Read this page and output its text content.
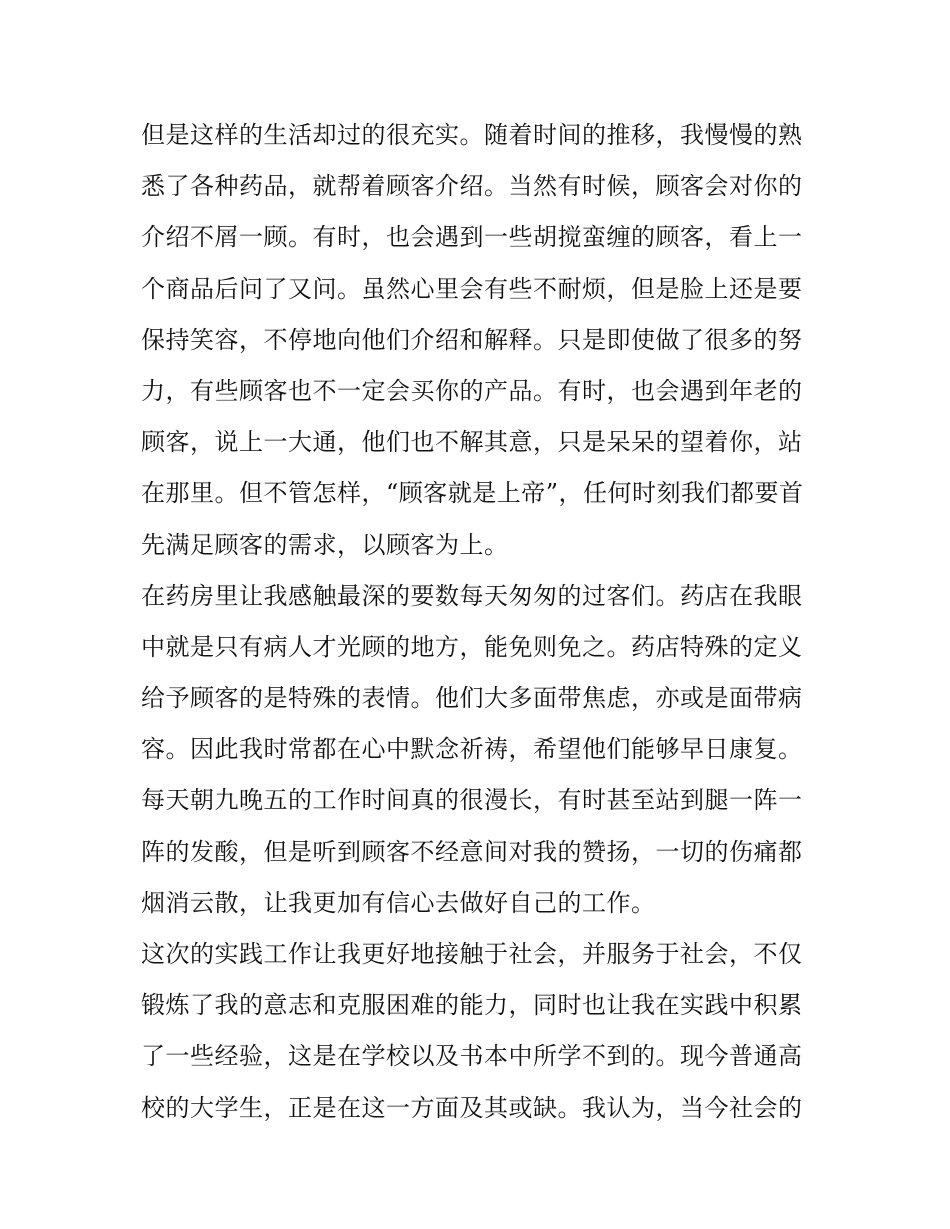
但是这样的生活却过的很充实。随着时间的推移，我慢慢的熟
悉了各种药品，就帮着顾客介绍。当然有时候，顾客会对你的
介绍不屑一顾。有时，也会遇到一些胡搅蛮缠的顾客，看上一
个商品后问了又问。虽然心里会有些不耐烦，但是脸上还是要
保持笑容，不停地向他们介绍和解释。只是即使做了很多的努
力，有些顾客也不一定会买你的产品。有时，也会遇到年老的
顾客，说上一大通，他们也不解其意，只是呆呆的望着你，站
在那里。但不管怎样，“顾客就是上帝”，任何时刻我们都要首
先满足顾客的需求，以顾客为上。
在药房里让我感触最深的要数每天匆匆的过客们。药店在我眼
中就是只有病人才光顾的地方，能免则免之。药店特殊的定义
给予顾客的是特殊的表情。他们大多面带焦虑，亦或是面带病
容。因此我时常都在心中默念祈祷，希望他们能够早日康复。
每天朝九晚五的工作时间真的很漫长，有时甚至站到腿一阵一
阵的发酸，但是听到顾客不经意间对我的赞扬，一切的伤痛都
烟消云散，让我更加有信心去做好自己的工作。
这次的实践工作让我更好地接触于社会，并服务于社会，不仅
锻炼了我的意志和克服困难的能力，同时也让我在实践中积累
了一些经验，这是在学校以及书本中所学不到的。现今普通高
校的大学生，正是在这一方面及其或缺。我认为，当今社会的
